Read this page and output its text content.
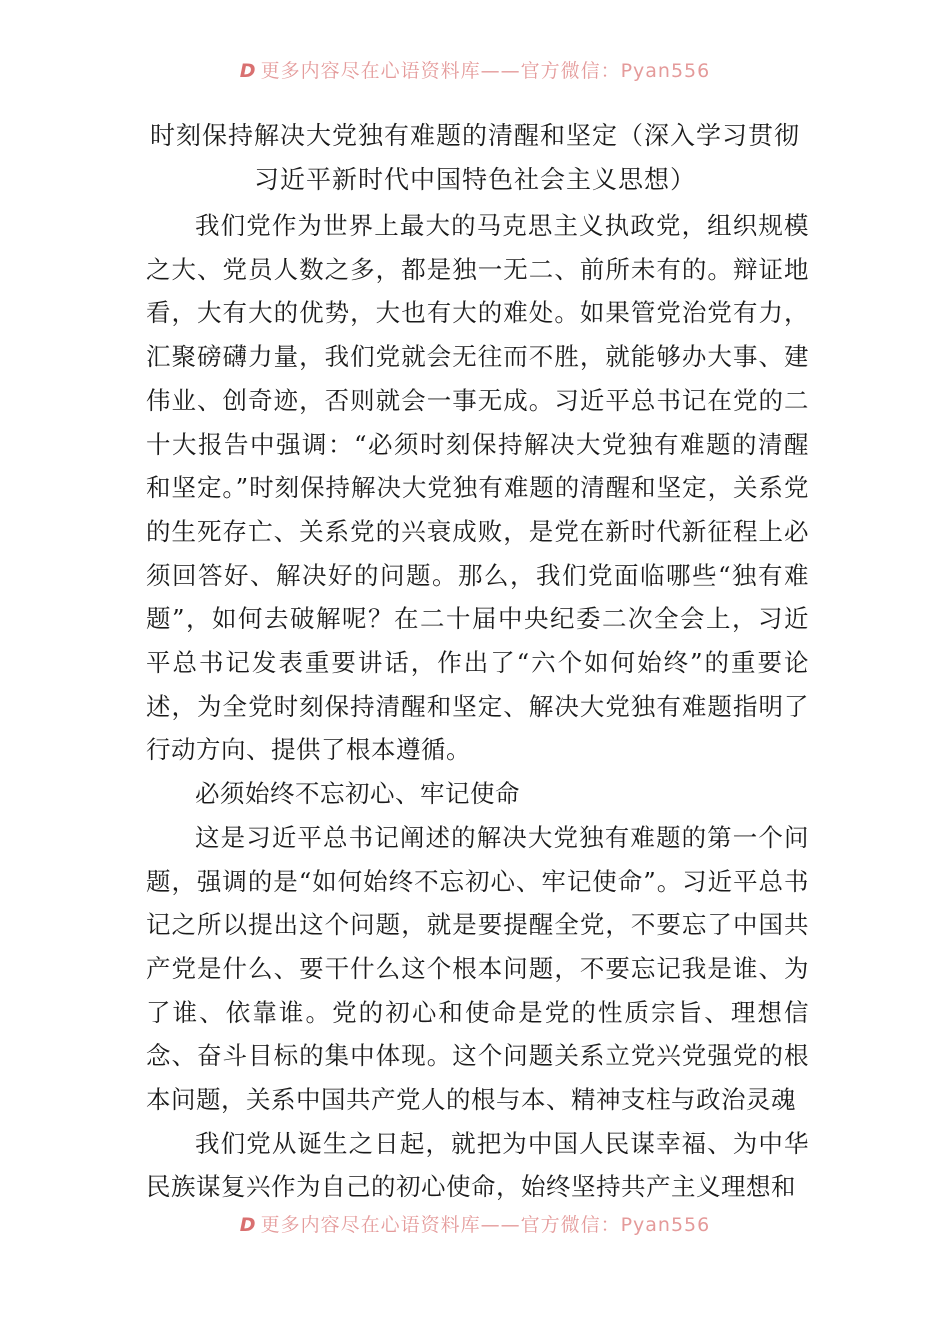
D 更多内容尽在心语资料库——官方微信：Pyan556
时刻保持解决大党独有难题的清醒和坚定（深入学习贯彻
习近平新时代中国特色社会主义思想）

我们党作为世界上最大的马克思主义执政党，组织规模之大、党员人数之多，都是独一无二、前所未有的。辩证地看，大有大的优势，大也有大的难处。如果管党治党有力，汇聚磅礴力量，我们党就会无往而不胜，就能够办大事、建伟业、创奇迹，否则就会一事无成。习近平总书记在党的二十大报告中强调：“必须时刻保持解决大党独有难题的清醒和坚定。”时刻保持解决大党独有难题的清醒和坚定，关系党的生死存亡、关系党的兴衰成败，是党在新时代新征程上必须回答好、解决好的问题。那么，我们党面临哪些“独有难题”，如何去破解呢？在二十届中央纪委二次全会上，习近平总书记发表重要讲话，作出了“六个如何始终”的重要论述，为全党时刻保持清醒和坚定、解决大党独有难题指明了行动方向、提供了根本遵循。

必须始终不忘初心、牢记使命

这是习近平总书记阐述的解决大党独有难题的第一个问题，强调的是“如何始终不忘初心、牢记使命”。习近平总书记之所以提出这个问题，就是要提醒全党，不要忘了中国共产党是什么、要干什么这个根本问题，不要忘记我是谁、为了谁、依靠谁。党的初心和使命是党的性质宗旨、理想信念、奋斗目标的集中体现。这个问题关系立党兴党强党的根本问题，关系中国共产党人的根与本、精神支柱与政治灵魂

我们党从诞生之日起，就把为中国人民谋幸福、为中华民族谋复兴作为自己的初心使命，始终坚持共产主义理想和

D 更多内容尽在心语资料库——官方微信：Pyan556
